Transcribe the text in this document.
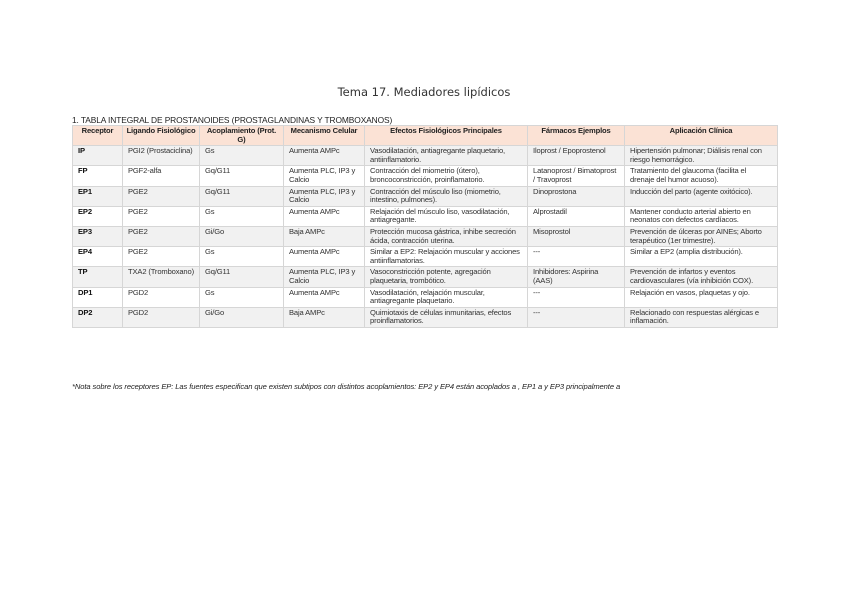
Tema 17. Mediadores lipídicos
1. TABLA INTEGRAL DE PROSTANOIDES (PROSTAGLANDINAS Y TROMBOXANOS)
Receptor	Ligando Fisiológico	Acoplamiento (Prot. G)	Mecanismo Celular	Efectos Fisiológicos Principales	Fármacos Ejemplos	Aplicación Clínica
IP	PGI2 (Prostaciclina)	Gs	Aumenta AMPc	Vasodilatación, antiagregante plaquetario, antiinflamatorio.	Iloprost / Epoprostenol	Hipertensión pulmonar; Diálisis renal con riesgo hemorrágico.
FP	PGF2-alfa	Gq/G11	Aumenta PLC, IP3 y Calcio	Contracción del miometrio (útero), broncoconstricción, proinflamatorio.	Latanoprost / Bimatoprost / Travoprost	Tratamiento del glaucoma (facilita el drenaje del humor acuoso).
EP1	PGE2	Gq/G11	Aumenta PLC, IP3 y Calcio	Contracción del músculo liso (miometrio, intestino, pulmones).	Dinoprostona	Inducción del parto (agente oxitócico).
EP2	PGE2	Gs	Aumenta AMPc	Relajación del músculo liso, vasodilatación, antiagregante.	Alprostadil	Mantener conducto arterial abierto en neonatos con defectos cardíacos.
EP3	PGE2	Gi/Go	Baja AMPc	Protección mucosa gástrica, inhibe secreción ácida, contracción uterina.	Misoprostol	Prevención de úlceras por AINEs; Aborto terapéutico (1er trimestre).
EP4	PGE2	Gs	Aumenta AMPc	Similar a EP2: Relajación muscular y acciones antiinflamatorias.	---	Similar a EP2 (amplia distribución).
TP	TXA2 (Tromboxano)	Gq/G11	Aumenta PLC, IP3 y Calcio	Vasoconstricción potente, agregación plaquetaria, trombótico.	Inhibidores: Aspirina (AAS)	Prevención de infartos y eventos cardiovasculares (vía inhibición COX).
DP1	PGD2	Gs	Aumenta AMPc	Vasodilatación, relajación muscular, antiagregante plaquetario.	---	Relajación en vasos, plaquetas y ojo.
DP2	PGD2	Gi/Go	Baja AMPc	Quimiotaxis de células inmunitarias, efectos proinflamatorios.	---	Relacionado con respuestas alérgicas e inflamación.
*Nota sobre los receptores EP: Las fuentes especifican que existen subtipos con distintos acoplamientos: EP2 y EP4 están acoplados a , EP1 a y EP3 principalmente a
